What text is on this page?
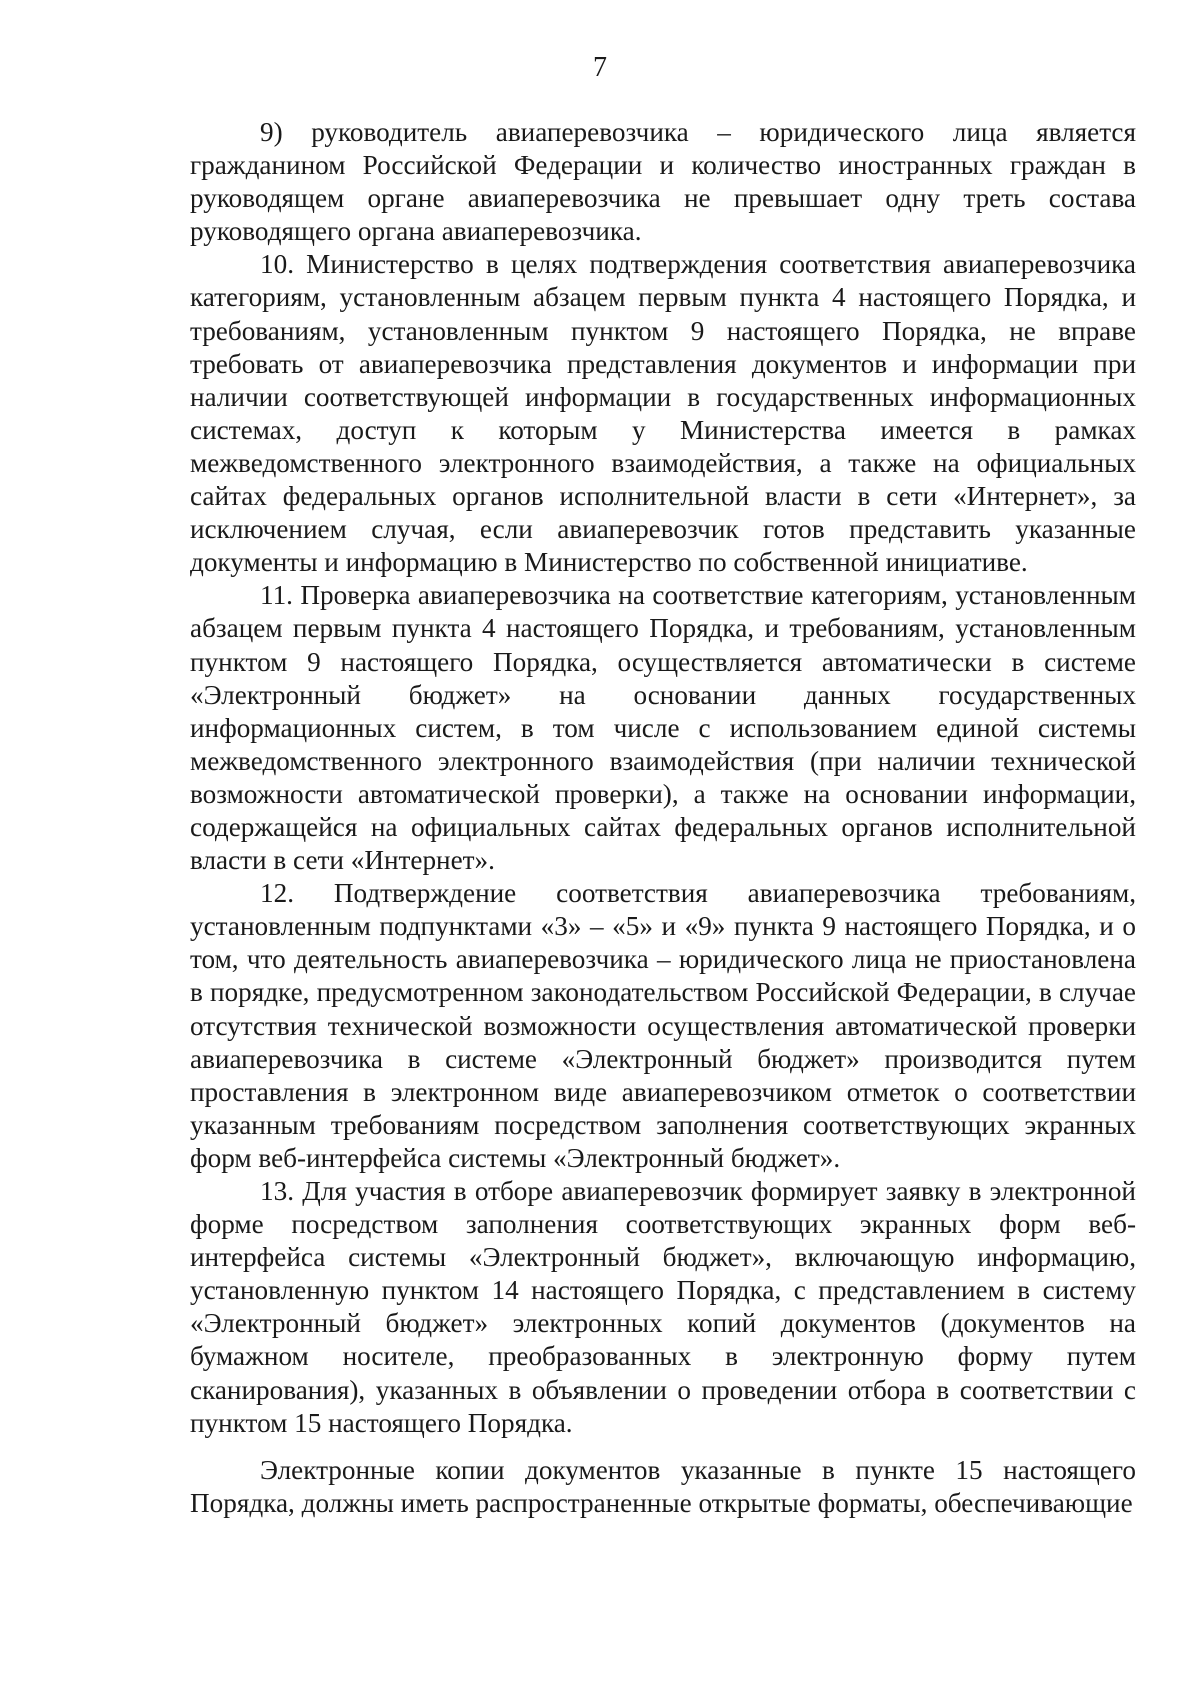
7

9) руководитель авиаперевозчика – юридического лица является гражданином Российской Федерации и количество иностранных граждан в руководящем органе авиаперевозчика не превышает одну треть состава руководящего органа авиаперевозчика.

10. Министерство в целях подтверждения соответствия авиаперевозчика категориям, установленным абзацем первым пункта 4 настоящего Порядка, и требованиям, установленным пунктом 9 настоящего Порядка, не вправе требовать от авиаперевозчика представления документов и информации при наличии соответствующей информации в государственных информационных системах, доступ к которым у Министерства имеется в рамках межведомственного электронного взаимодействия, а также на официальных сайтах федеральных органов исполнительной власти в сети «Интернет», за исключением случая, если авиаперевозчик готов представить указанные документы и информацию в Министерство по собственной инициативе.

11. Проверка авиаперевозчика на соответствие категориям, установленным абзацем первым пункта 4 настоящего Порядка, и требованиям, установленным пунктом 9 настоящего Порядка, осуществляется автоматически в системе «Электронный бюджет» на основании данных государственных информационных систем, в том числе с использованием единой системы межведомственного электронного взаимодействия (при наличии технической возможности автоматической проверки), а также на основании информации, содержащейся на официальных сайтах федеральных органов исполнительной власти в сети «Интернет».

12. Подтверждение соответствия авиаперевозчика требованиям, установленным подпунктами «3» – «5» и «9» пункта 9 настоящего Порядка, и о том, что деятельность авиаперевозчика – юридического лица не приостановлена в порядке, предусмотренном законодательством Российской Федерации, в случае отсутствия технической возможности осуществления автоматической проверки авиаперевозчика в системе «Электронный бюджет» производится путем проставления в электронном виде авиаперевозчиком отметок о соответствии указанным требованиям посредством заполнения соответствующих экранных форм веб-интерфейса системы «Электронный бюджет».

13. Для участия в отборе авиаперевозчик формирует заявку в электронной форме посредством заполнения соответствующих экранных форм веб-интерфейса системы «Электронный бюджет», включающую информацию, установленную пунктом 14 настоящего Порядка, с представлением в систему «Электронный бюджет» электронных копий документов (документов на бумажном носителе, преобразованных в электронную форму путем сканирования), указанных в объявлении о проведении отбора в соответствии с пунктом 15 настоящего Порядка.

Электронные копии документов указанные в пункте 15 настоящего Порядка, должны иметь распространенные открытые форматы, обеспечивающие
